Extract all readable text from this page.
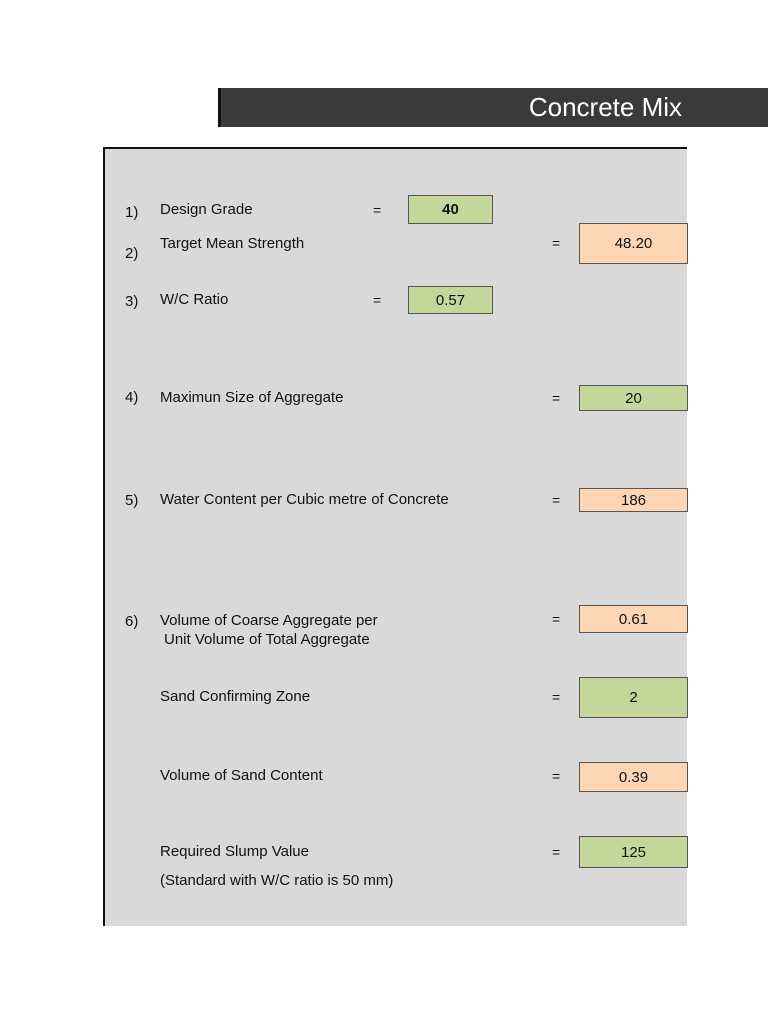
Concrete Mix
1) Design Grade	=	40
2)
Target Mean Strength	=	48.20
3) W/C Ratio	=	0.57
4) Maximun Size of Aggregate	=	20
5) Water Content per Cubic metre of Concrete	=	186
6) Volume of Coarse Aggregate per
Unit Volume of Total Aggregate
=	0.61
Sand Confirming Zone	=	2
Volume of Sand Content	=	0.39
Required Slump Value
(Standard with W/C ratio is 50 mm)
=	125
